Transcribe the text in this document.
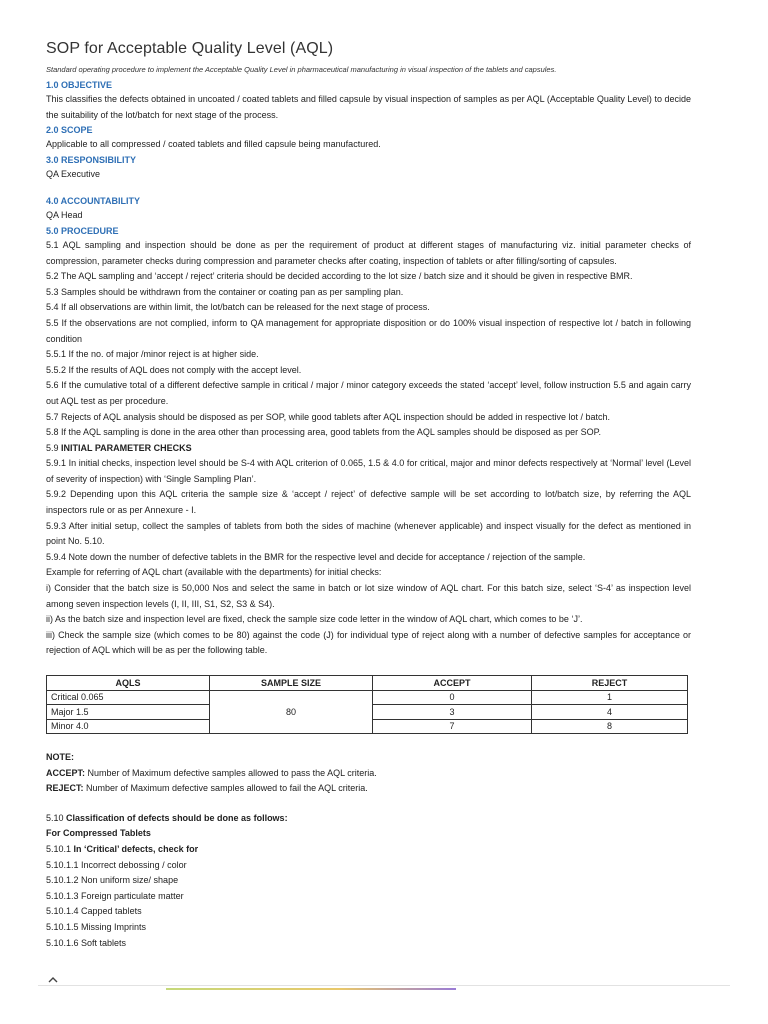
SOP for Acceptable Quality Level (AQL)

Standard operating procedure to implement the Acceptable Quality Level in pharmaceutical manufacturing in visual inspection of the tablets and capsules.

1.0 OBJECTIVE

This classifies the defects obtained in uncoated / coated tablets and filled capsule by visual inspection of samples as per AQL (Acceptable Quality Level) to decide the suitability of the lot/batch for next stage of the process.

2.0 SCOPE

Applicable to all compressed / coated tablets and filled capsule being manufactured.

3.0 RESPONSIBILITY

QA Executive

4.0 ACCOUNTABILITY

QA Head

5.0 PROCEDURE

5.1 AQL sampling and inspection should be done as per the requirement of product at different stages of manufacturing viz. initial parameter checks of compression, parameter checks during compression and parameter checks after coating, inspection of tablets or after filling/sorting of capsules.

5.2 The AQL sampling and ‘accept / reject’ criteria should be decided according to the lot size / batch size and it should be given in respective BMR.

5.3 Samples should be withdrawn from the container or coating pan as per sampling plan.

5.4 If all observations are within limit, the lot/batch can be released for the next stage of process.

5.5 If the observations are not complied, inform to QA management for appropriate disposition or do 100% visual inspection of respective lot / batch in following condition

5.5.1 If the no. of major /minor reject is at higher side.

5.5.2 If the results of AQL does not comply with the accept level.

5.6 If the cumulative total of a different defective sample in critical / major / minor category exceeds the stated ‘accept’ level, follow instruction 5.5 and again carry out AQL test as per procedure.

5.7 Rejects of AQL analysis should be disposed as per SOP, while good tablets after AQL inspection should be added in respective lot / batch.

5.8 If the AQL sampling is done in the area other than processing area, good tablets from the AQL samples should be disposed as per SOP.

5.9 INITIAL PARAMETER CHECKS

5.9.1 In initial checks, inspection level should be S-4 with AQL criterion of 0.065, 1.5 & 4.0 for critical, major and minor defects respectively at ‘Normal’ level (Level of severity of inspection) with ‘Single Sampling Plan’.

5.9.2 Depending upon this AQL criteria the sample size & ‘accept / reject’ of defective sample will be set according to lot/batch size, by referring the AQL inspectors rule or as per Annexure - I.

5.9.3 After initial setup, collect the samples of tablets from both the sides of machine (whenever applicable) and inspect visually for the defect as mentioned in point No. 5.10.

5.9.4 Note down the number of defective tablets in the BMR for the respective level and decide for acceptance / rejection of the sample.

Example for referring of AQL chart (available with the departments) for initial checks:

i) Consider that the batch size is 50,000 Nos and select the same in batch or lot size window of AQL chart. For this batch size, select ‘S-4’ as inspection level among seven inspection levels (I, II, III, S1, S2, S3 & S4).

ii) As the batch size and inspection level are fixed, check the sample size code letter in the window of AQL chart, which comes to be ‘J’.

iii) Check the sample size (which comes to be 80) against the code (J) for individual type of reject along with a number of defective samples for acceptance or rejection of AQL which will be as per the following table.

AQLS	SAMPLE SIZE	ACCEPT	REJECT
Critical 0.065	80	0	1
Major 1.5		3	4
Minor 4.0		7	8

NOTE:

ACCEPT: Number of Maximum defective samples allowed to pass the AQL criteria.

REJECT: Number of Maximum defective samples allowed to fail the AQL criteria.

5.10 Classification of defects should be done as follows:

For Compressed Tablets

5.10.1 In ‘Critical’ defects, check for

5.10.1.1 Incorrect debossing / color

5.10.1.2 Non uniform size/ shape

5.10.1.3 Foreign particulate matter

5.10.1.4 Capped tablets

5.10.1.5 Missing Imprints

5.10.1.6 Soft tablets
